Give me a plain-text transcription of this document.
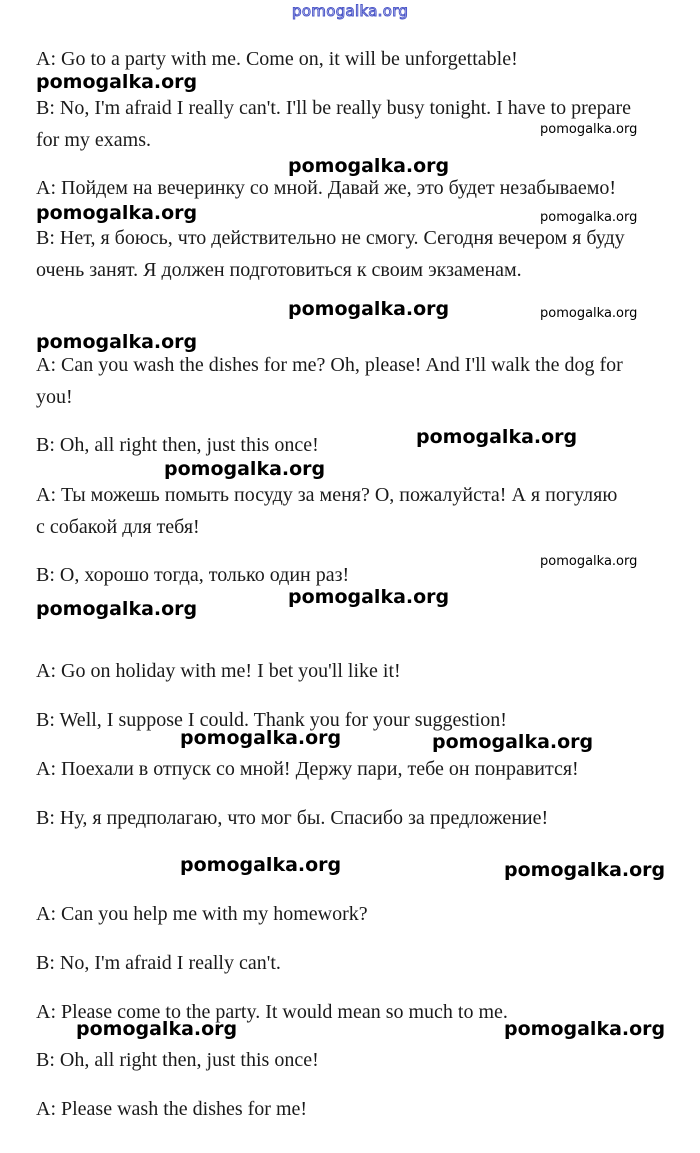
pomogalka.org
A: Go to a party with me. Come on, it will be unforgettable!
B: No, I'm afraid I really can't. I'll be really busy tonight. I have to prepare
for my exams.
A: Пойдем на вечеринку со мной. Давай же, это будет незабываемо!
B: Нет, я боюсь, что действительно не смогу. Сегодня вечером я буду
очень занят. Я должен подготовиться к своим экзаменам.
A: Can you wash the dishes for me? Oh, please! And I'll walk the dog for
you!
B: Oh, all right then, just this once!
A: Ты можешь помыть посуду за меня? О, пожалуйста! А я погуляю
с собакой для тебя!
B: О, хорошо тогда, только один раз!
A: Go on holiday with me! I bet you'll like it!
B: Well, I suppose I could. Thank you for your suggestion!
A: Поехали в отпуск со мной! Держу пари, тебе он понравится!
B: Ну, я предполагаю, что мог бы. Спасибо за предложение!
A: Can you help me with my homework?
B: No, I'm afraid I really can't.
A: Please come to the party. It would mean so much to me.
B: Oh, all right then, just this once!
A: Please wash the dishes for me!
pomogalka.org
pomogalka.org
pomogalka.org
pomogalka.org	pomogalka.org
pomogalka.org	pomogalka.org
pomogalka.org
pomogalka.org
pomogalka.org
pomogalka.org
pomogalka.org
pomogalka.org
pomogalka.org	pomogalka.org
pomogalka.org	pomogalka.org
pomogalka.org	pomogalka.org
